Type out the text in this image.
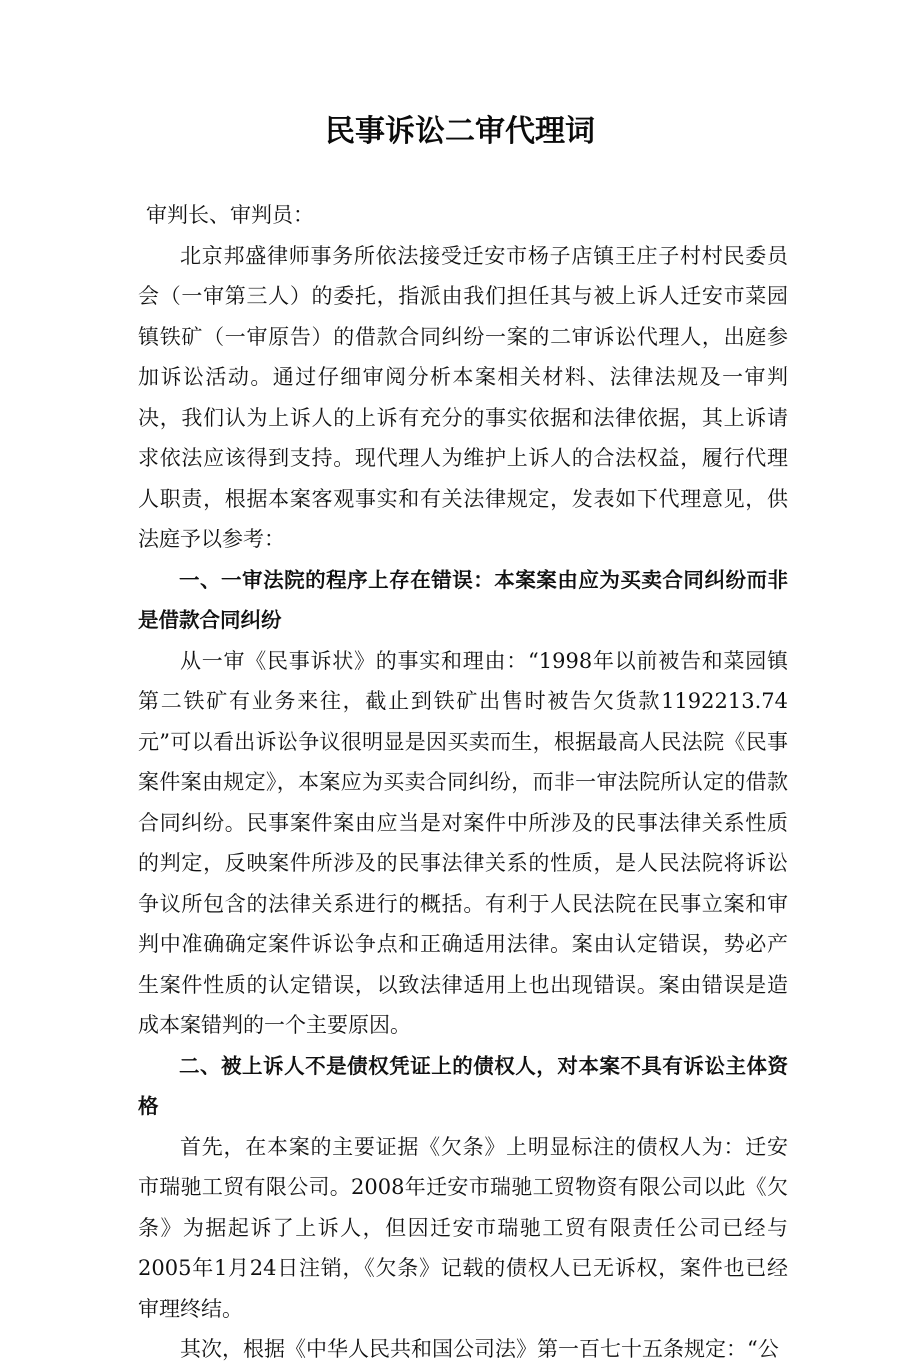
民事诉讼二审代理词

审判长、审判员：

北京邦盛律师事务所依法接受迁安市杨子店镇王庄子村村民委员会（一审第三人）的委托，指派由我们担任其与被上诉人迁安市菜园镇铁矿（一审原告）的借款合同纠纷一案的二审诉讼代理人，出庭参加诉讼活动。通过仔细审阅分析本案相关材料、法律法规及一审判决，我们认为上诉人的上诉有充分的事实依据和法律依据，其上诉请求依法应该得到支持。现代理人为维护上诉人的合法权益，履行代理人职责，根据本案客观事实和有关法律规定，发表如下代理意见，供法庭予以参考：

一、一审法院的程序上存在错误：本案案由应为买卖合同纠纷而非是借款合同纠纷

从一审《民事诉状》的事实和理由：“1998年以前被告和菜园镇第二铁矿有业务来往，截止到铁矿出售时被告欠货款1192213.74元”可以看出诉讼争议很明显是因买卖而生，根据最高人民法院《民事案件案由规定》，本案应为买卖合同纠纷，而非一审法院所认定的借款合同纠纷。民事案件案由应当是对案件中所涉及的民事法律关系性质的判定，反映案件所涉及的民事法律关系的性质，是人民法院将诉讼争议所包含的法律关系进行的概括。有利于人民法院在民事立案和审判中准确确定案件诉讼争点和正确适用法律。案由认定错误，势必产生案件性质的认定错误，以致法律适用上也出现错误。案由错误是造成本案错判的一个主要原因。

二、被上诉人不是债权凭证上的债权人，对本案不具有诉讼主体资格

首先，在本案的主要证据《欠条》上明显标注的债权人为：迁安市瑞驰工贸有限公司。2008年迁安市瑞驰工贸物资有限公司以此《欠条》为据起诉了上诉人，但因迁安市瑞驰工贸有限责任公司已经与2005年1月24日注销，《欠条》记载的债权人已无诉权，案件也已经审理终结。

其次，根据《中华人民共和国公司法》第一百七十五条规定：“公
